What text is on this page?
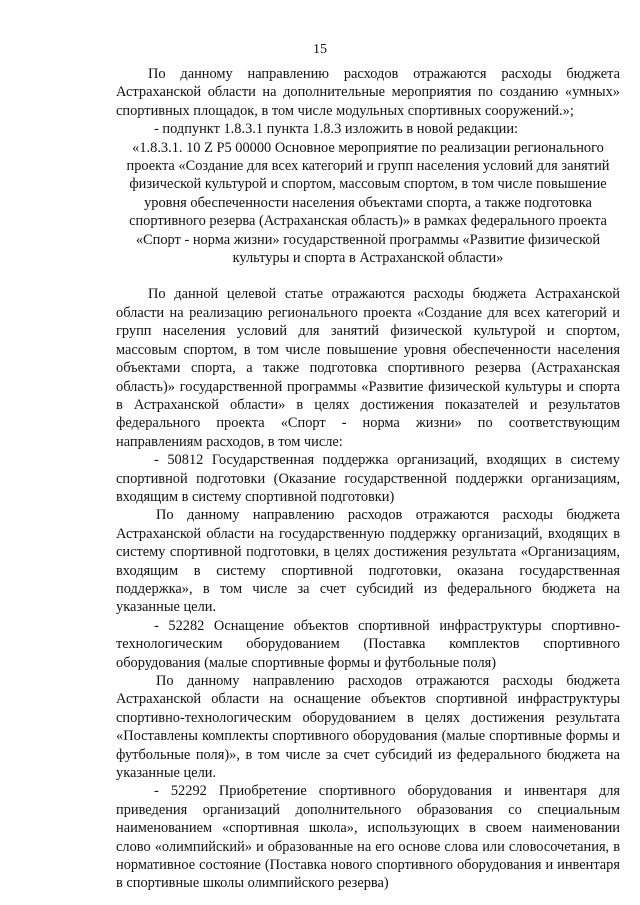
15

По данному направлению расходов отражаются расходы бюджета Астраханской области на дополнительные мероприятия по созданию «умных» спортивных площадок, в том числе модульных спортивных сооружений.»;

- подпункт 1.8.3.1 пункта 1.8.3 изложить в новой редакции:

«1.8.3.1. 10 Z P5 00000 Основное мероприятие по реализации регионального проекта «Создание для всех категорий и групп населения условий для занятий физической культурой и спортом, массовым спортом, в том числе повышение уровня обеспеченности населения объектами спорта, а также подготовка спортивного резерва (Астраханская область)» в рамках федерального проекта «Спорт - норма жизни» государственной программы «Развитие физической культуры и спорта в Астраханской области»

По данной целевой статье отражаются расходы бюджета Астраханской области на реализацию регионального проекта «Создание для всех категорий и групп населения условий для занятий физической культурой и спортом, массовым спортом, в том числе повышение уровня обеспеченности населения объектами спорта, а также подготовка спортивного резерва (Астраханская область)» государственной программы «Развитие физической культуры и спорта в Астраханской области» в целях достижения показателей и результатов федерального проекта «Спорт - норма жизни» по соответствующим направлениям расходов, в том числе:

- 50812 Государственная поддержка организаций, входящих в систему спортивной подготовки (Оказание государственной поддержки организациям, входящим в систему спортивной подготовки)

По данному направлению расходов отражаются расходы бюджета Астраханской области на государственную поддержку организаций, входящих в систему спортивной подготовки, в целях достижения результата «Организациям, входящим в систему спортивной подготовки, оказана государственная поддержка», в том числе за счет субсидий из федерального бюджета на указанные цели.

- 52282 Оснащение объектов спортивной инфраструктуры спортивно-технологическим оборудованием (Поставка комплектов спортивного оборудования (малые спортивные формы и футбольные поля)

По данному направлению расходов отражаются расходы бюджета Астраханской области на оснащение объектов спортивной инфраструктуры спортивно-технологическим оборудованием в целях достижения результата «Поставлены комплекты спортивного оборудования (малые спортивные формы и футбольные поля)», в том числе за счет субсидий из федерального бюджета на указанные цели.

- 52292 Приобретение спортивного оборудования и инвентаря для приведения организаций дополнительного образования со специальным наименованием «спортивная школа», использующих в своем наименовании слово «олимпийский» и образованные на его основе слова или словосочетания, в нормативное состояние (Поставка нового спортивного оборудования и инвентаря в спортивные школы олимпийского резерва)
